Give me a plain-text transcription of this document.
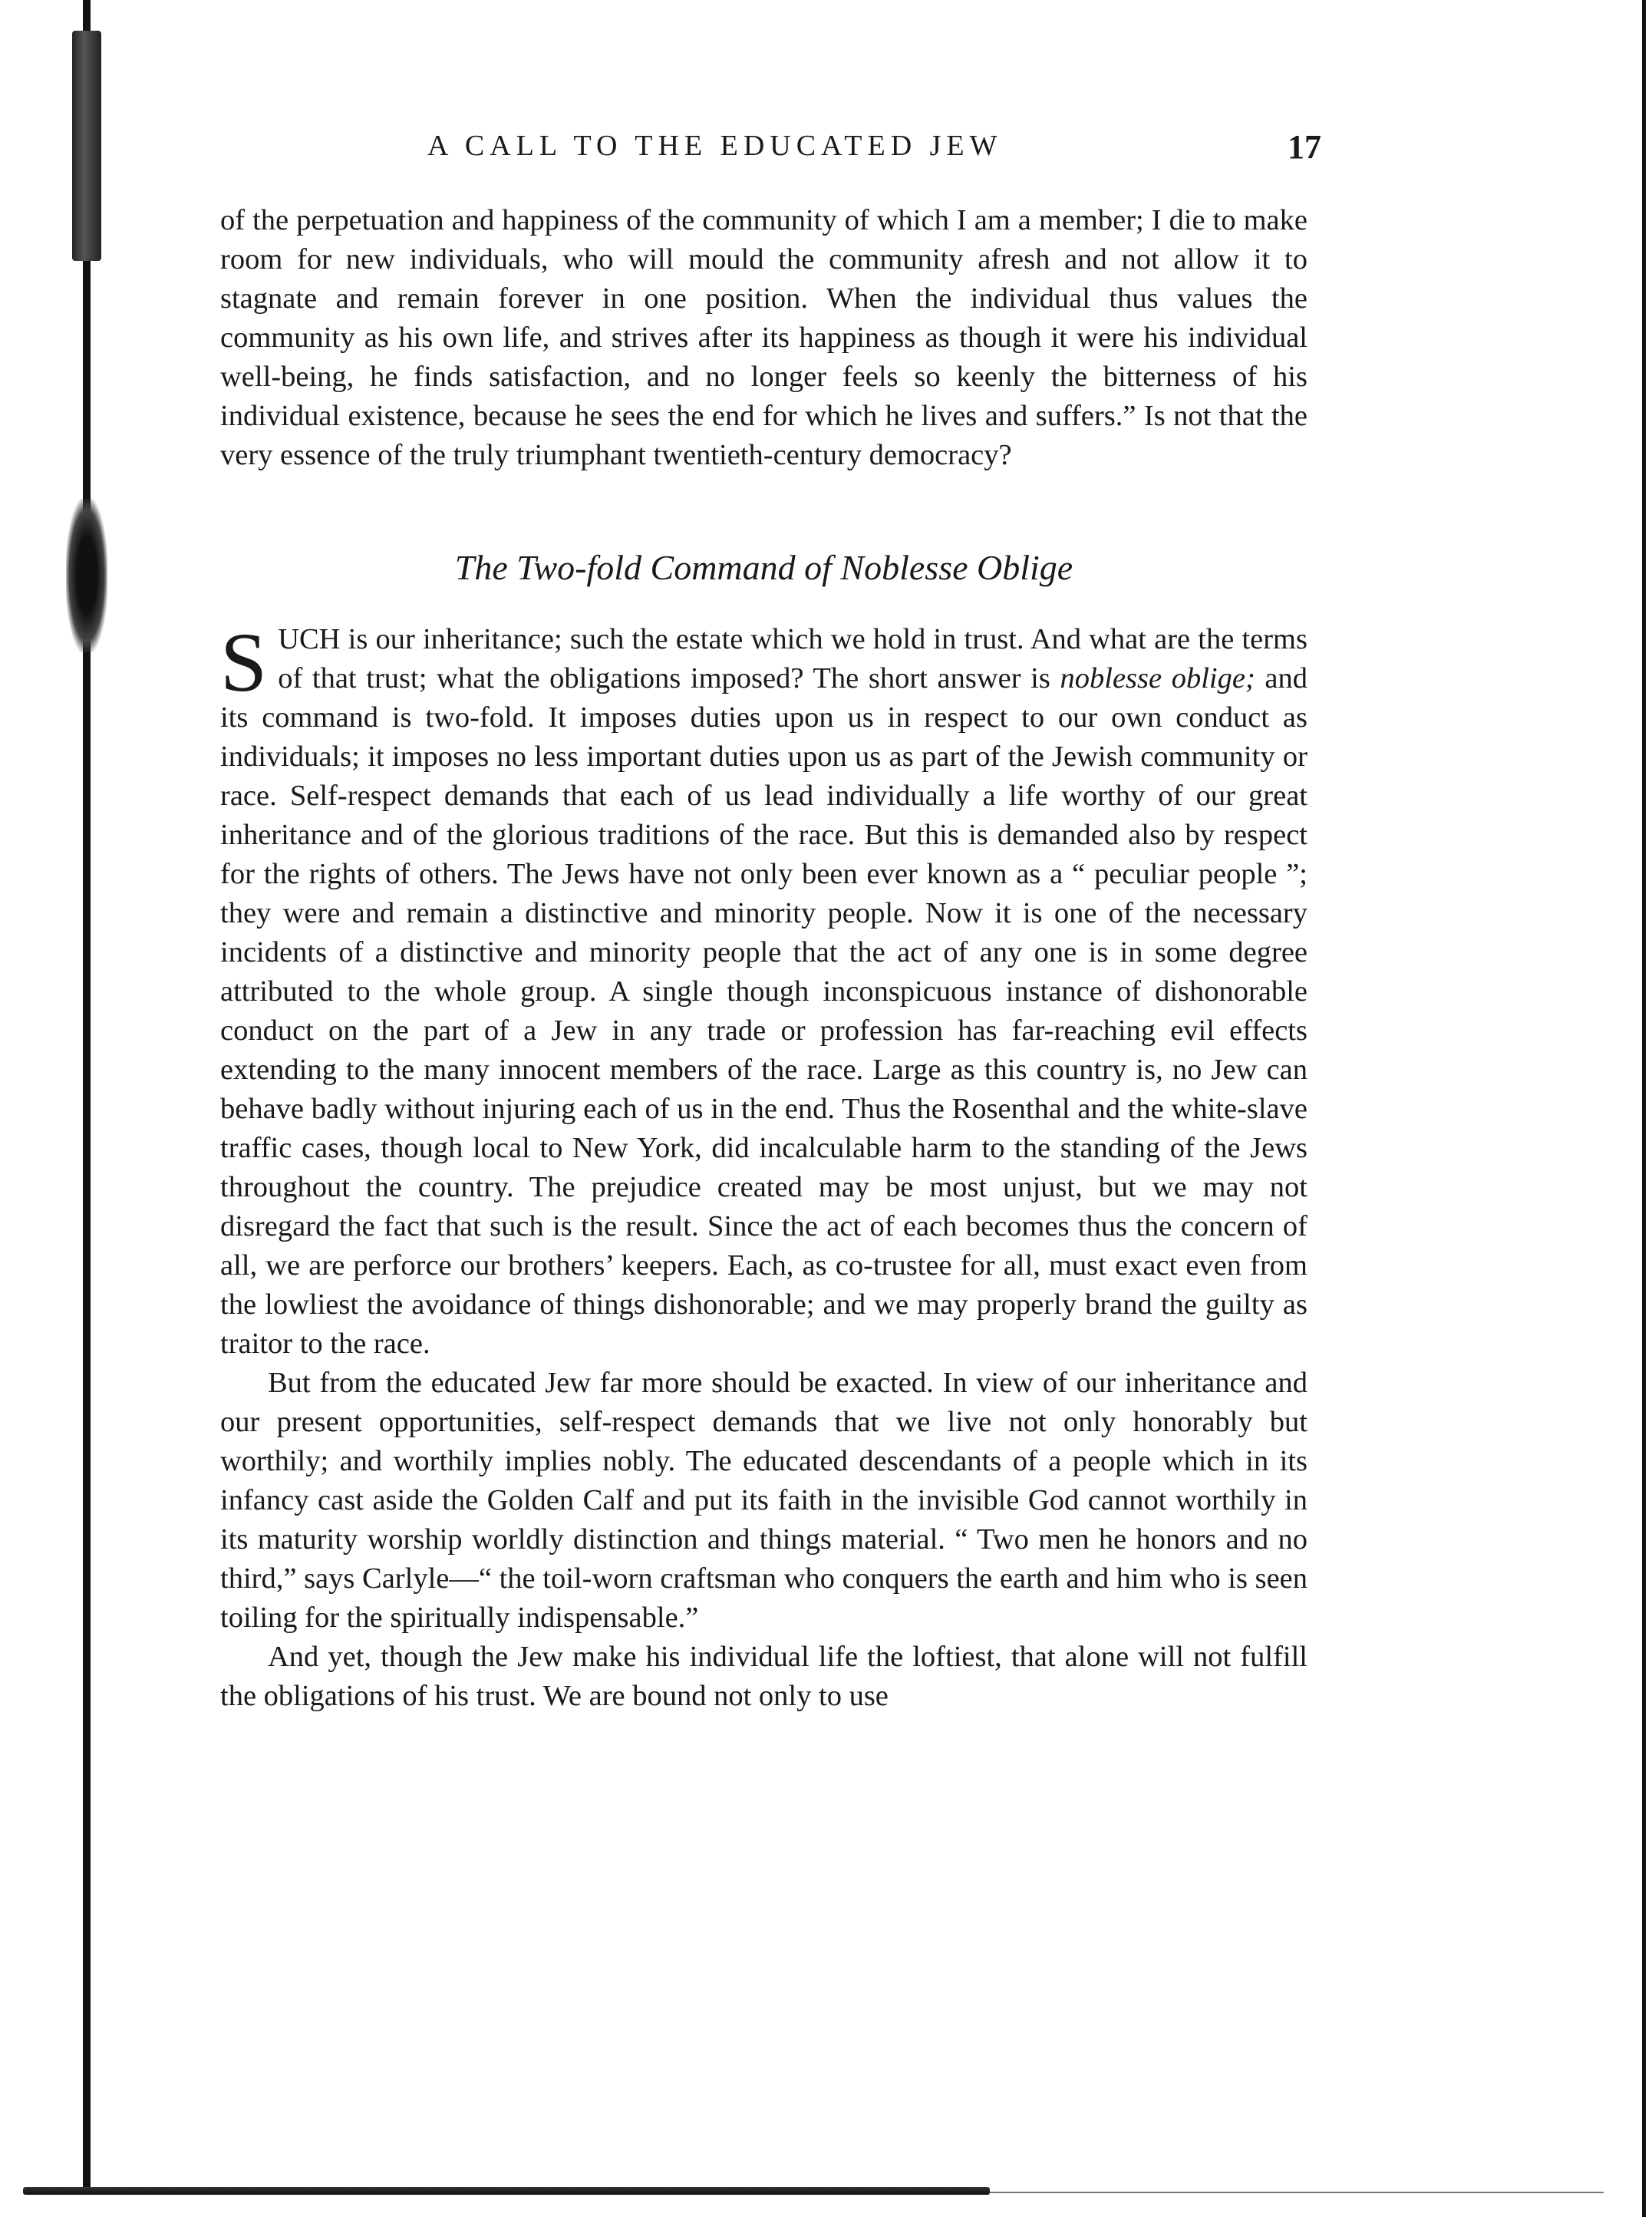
A CALL TO THE EDUCATED JEW	17

of the perpetuation and happiness of the community of which I am a member; I die to make room for new individuals, who will mould the community afresh and not allow it to stagnate and remain forever in one position. When the individual thus values the community as his own life, and strives after its happiness as though it were his individual well-being, he finds satisfaction, and no longer feels so keenly the bitterness of his individual existence, because he sees the end for which he lives and suffers.” Is not that the very essence of the truly triumphant twentieth-century democracy?

The Two-fold Command of Noblesse Oblige

SUCH is our inheritance; such the estate which we hold in trust. And what are the terms of that trust; what the obligations imposed? The short answer is noblesse oblige; and its command is two-fold. It imposes duties upon us in respect to our own conduct as individuals; it imposes no less important duties upon us as part of the Jewish community or race. Self-respect demands that each of us lead individually a life worthy of our great inheritance and of the glorious traditions of the race. But this is demanded also by respect for the rights of others. The Jews have not only been ever known as a “ peculiar people ”; they were and remain a distinctive and minority people. Now it is one of the necessary incidents of a distinctive and minority people that the act of any one is in some degree attributed to the whole group. A single though inconspicuous instance of dishonorable conduct on the part of a Jew in any trade or profession has far-reaching evil effects extending to the many innocent members of the race. Large as this country is, no Jew can behave badly without injuring each of us in the end. Thus the Rosenthal and the white-slave traffic cases, though local to New York, did incalculable harm to the standing of the Jews throughout the country. The prejudice created may be most unjust, but we may not disregard the fact that such is the result. Since the act of each becomes thus the concern of all, we are perforce our brothers’ keepers. Each, as co-trustee for all, must exact even from the lowliest the avoidance of things dishonorable; and we may properly brand the guilty as traitor to the race.

But from the educated Jew far more should be exacted. In view of our inheritance and our present opportunities, self-respect demands that we live not only honorably but worthily; and worthily implies nobly. The educated descendants of a people which in its infancy cast aside the Golden Calf and put its faith in the invisible God cannot worthily in its maturity worship worldly distinction and things material. “ Two men he honors and no third,” says Carlyle—“ the toil-worn craftsman who conquers the earth and him who is seen toiling for the spiritually indispensable.”

And yet, though the Jew make his individual life the loftiest, that alone will not fulfill the obligations of his trust. We are bound not only to use
